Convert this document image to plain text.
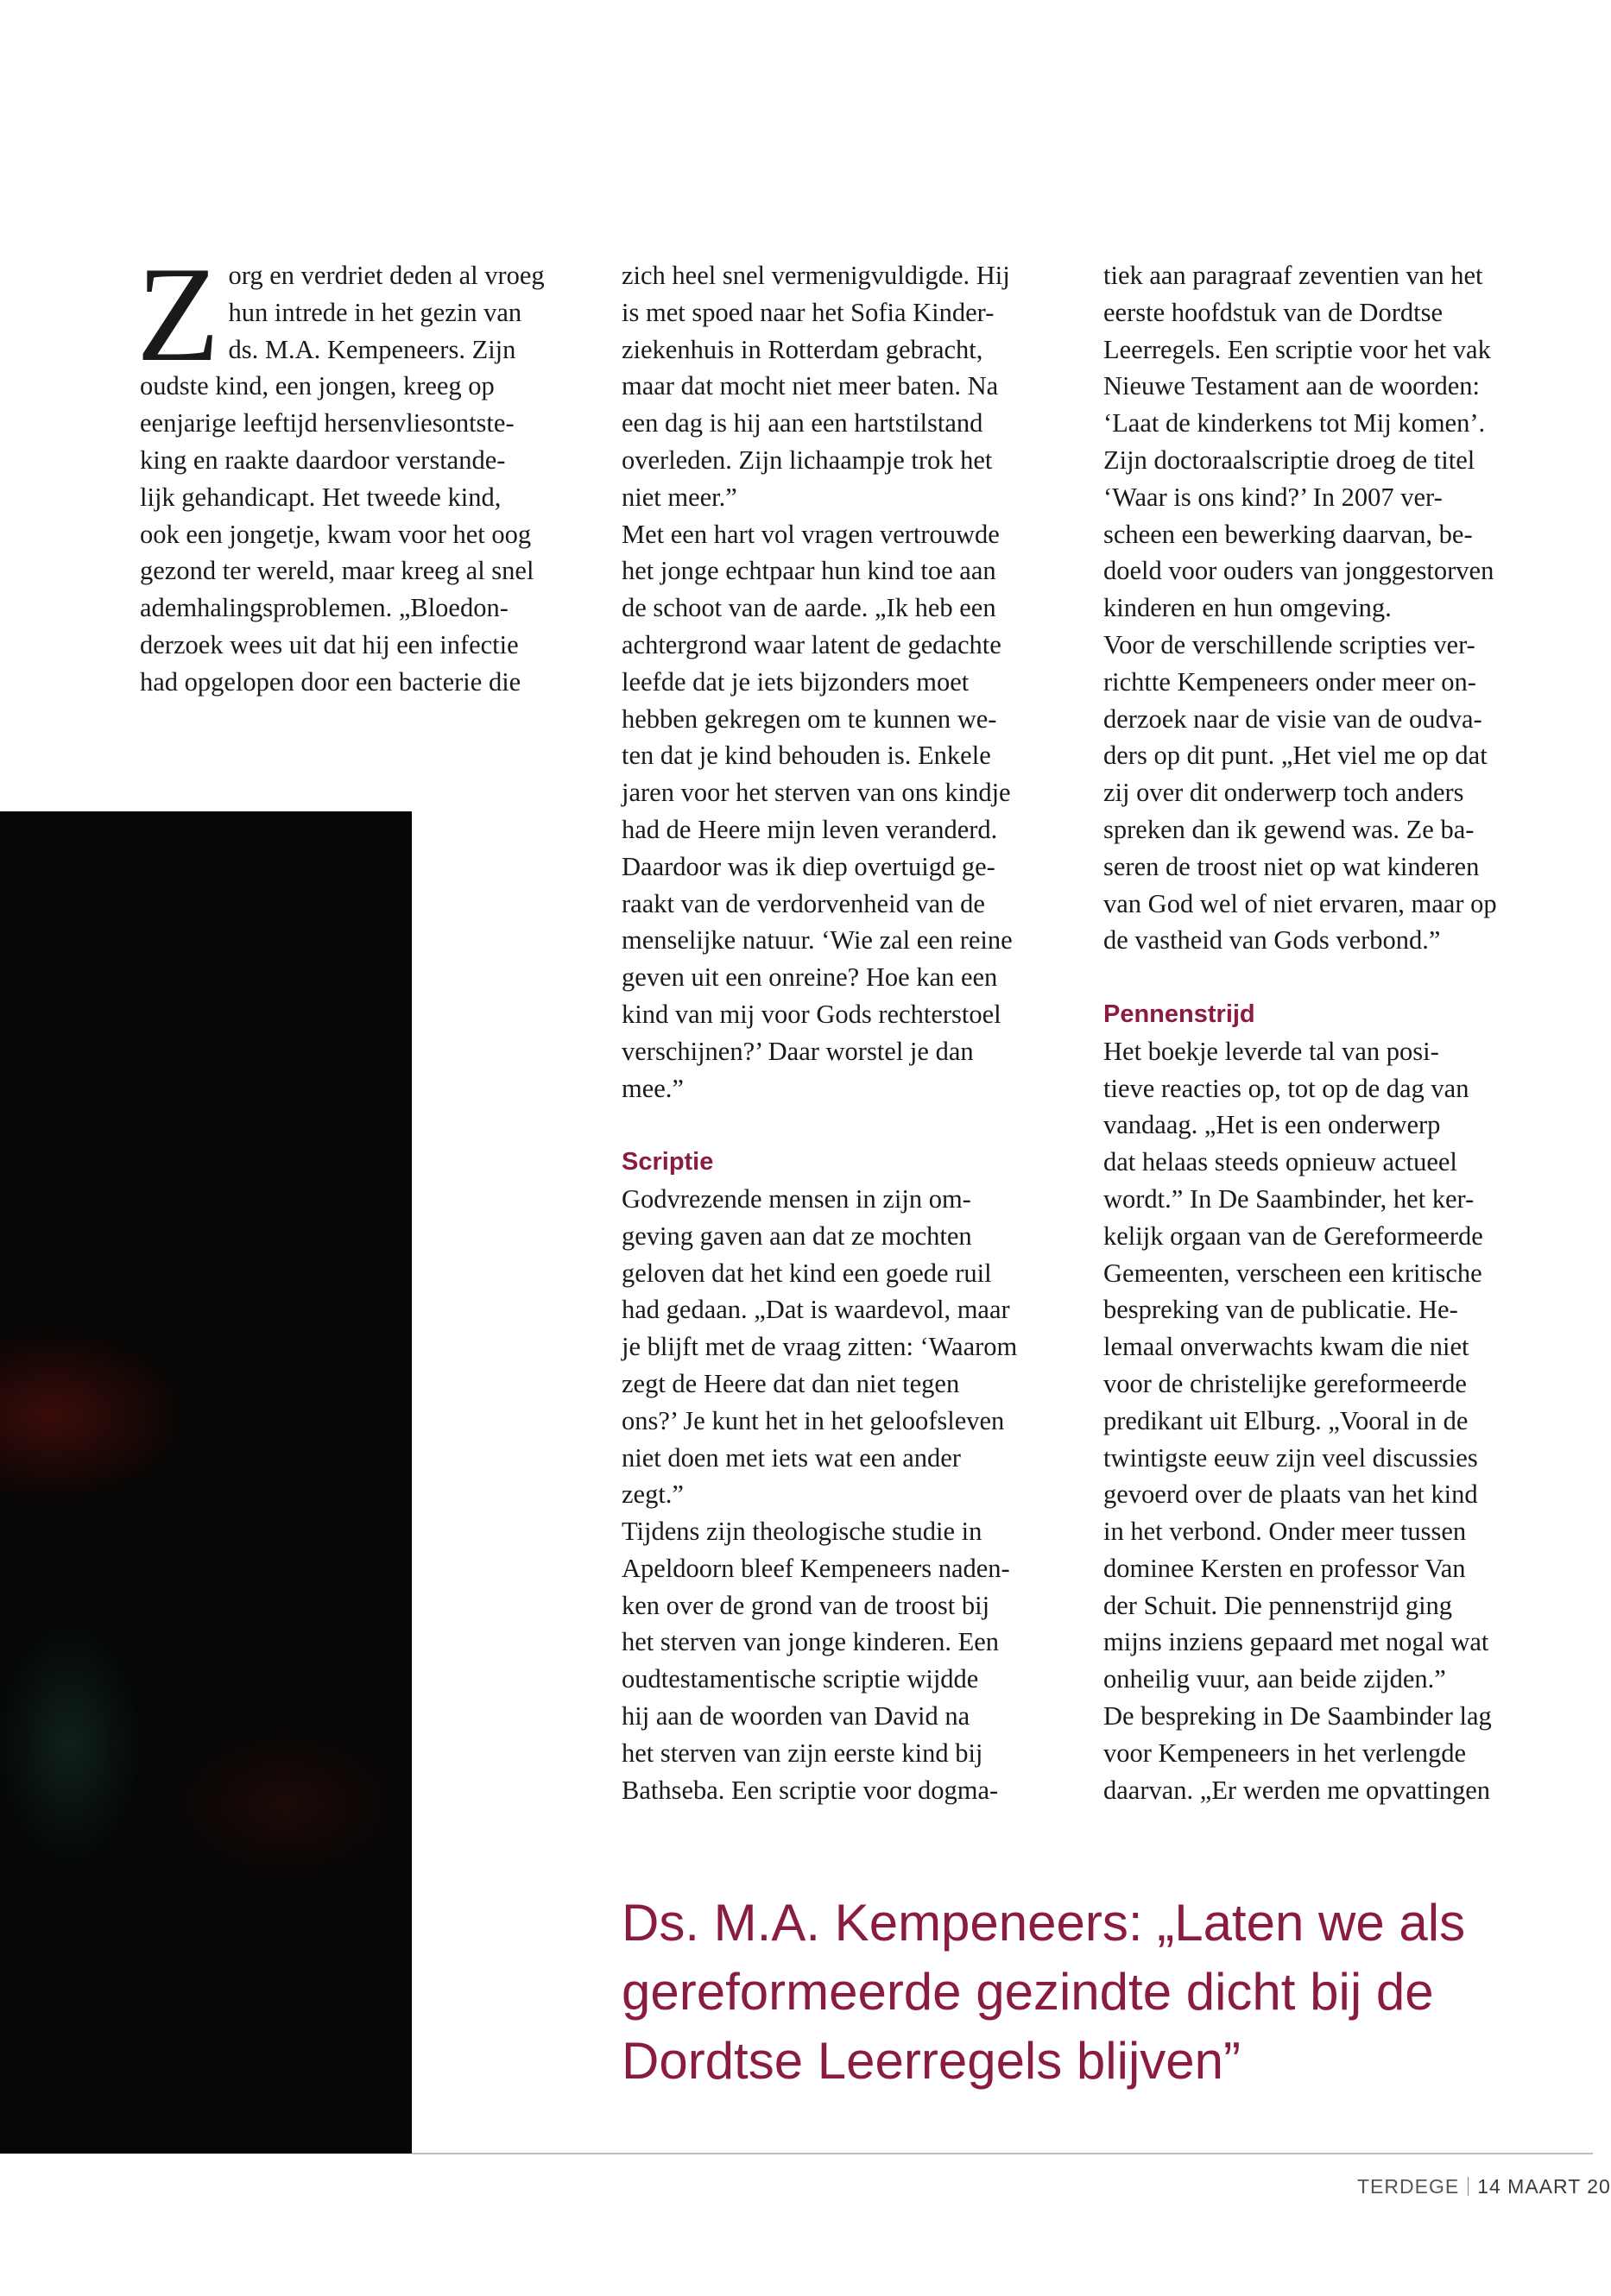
Z org en verdriet deden al vroeg
hun intrede in het gezin van
ds. M.A. Kempeneers. Zijn
oudste kind, een jongen, kreeg op
eenjarige leeftijd hersenvliesontste-
king en raakte daardoor verstande-
lijk gehandicapt. Het tweede kind,
ook een jongetje, kwam voor het oog
gezond ter wereld, maar kreeg al snel
ademhalingsproblemen. „Bloedon-
derzoek wees uit dat hij een infectie
had opgelopen door een bacterie die
zich heel snel vermenigvuldigde. Hij
is met spoed naar het Sofia Kinder-
ziekenhuis in Rotterdam gebracht,
maar dat mocht niet meer baten. Na
een dag is hij aan een hartstilstand
overleden. Zijn lichaampje trok het
niet meer.”
Met een hart vol vragen vertrouwde
het jonge echtpaar hun kind toe aan
de schoot van de aarde. „Ik heb een
achtergrond waar latent de gedachte
leefde dat je iets bijzonders moet
hebben gekregen om te kunnen we-
ten dat je kind behouden is. Enkele
jaren voor het sterven van ons kindje
had de Heere mijn leven veranderd.
Daardoor was ik diep overtuigd ge-
raakt van de verdorvenheid van de
menselijke natuur. ‘Wie zal een reine
geven uit een onreine? Hoe kan een
kind van mij voor Gods rechterstoel
verschijnen?’ Daar worstel je dan
mee.”
Scriptie
Godvrezende mensen in zijn om-
geving gaven aan dat ze mochten
geloven dat het kind een goede ruil
had gedaan. „Dat is waardevol, maar
je blijft met de vraag zitten: ‘Waarom
zegt de Heere dat dan niet tegen
ons?’ Je kunt het in het geloofsleven
niet doen met iets wat een ander
zegt.”
Tijdens zijn theologische studie in
Apeldoorn bleef Kempeneers naden-
ken over de grond van de troost bij
het sterven van jonge kinderen. Een
oudtestamentische scriptie wijdde
hij aan de woorden van David na
het sterven van zijn eerste kind bij
Bathseba. Een scriptie voor dogma-
tiek aan paragraaf zeventien van het
eerste hoofdstuk van de Dordtse
Leerregels. Een scriptie voor het vak
Nieuwe Testament aan de woorden:
‘Laat de kinderkens tot Mij komen’.
Zijn doctoraalscriptie droeg de titel
‘Waar is ons kind?’ In 2007 ver-
scheen een bewerking daarvan, be-
doeld voor ouders van jonggestorven
kinderen en hun omgeving.
Voor de verschillende scripties ver-
richtte Kempeneers onder meer on-
derzoek naar de visie van de oudva-
ders op dit punt. „Het viel me op dat
zij over dit onderwerp toch anders
spreken dan ik gewend was. Ze ba-
seren de troost niet op wat kinderen
van God wel of niet ervaren, maar op
de vastheid van Gods verbond.”
Pennenstrijd
Het boekje leverde tal van posi-
tieve reacties op, tot op de dag van
vandaag. „Het is een onderwerp
dat helaas steeds opnieuw actueel
wordt.” In De Saambinder, het ker-
kelijk orgaan van de Gereformeerde
Gemeenten, verscheen een kritische
bespreking van de publicatie. He-
lemaal onverwachts kwam die niet
voor de christelijke gereformeerde
predikant uit Elburg. „Vooral in de
twintigste eeuw zijn veel discussies
gevoerd over de plaats van het kind
in het verbond. Onder meer tussen
dominee Kersten en professor Van
der Schuit. Die pennenstrijd ging
mijns inziens gepaard met nogal wat
onheilig vuur, aan beide zijden.”
De bespreking in De Saambinder lag
voor Kempeneers in het verlengde
daarvan. „Er werden me opvattingen
Ds. M.A. Kempeneers: „Laten we als
gereformeerde gezindte dicht bij de
Dordtse Leerregels blijven”
TERDEGE 14 MAART 20
